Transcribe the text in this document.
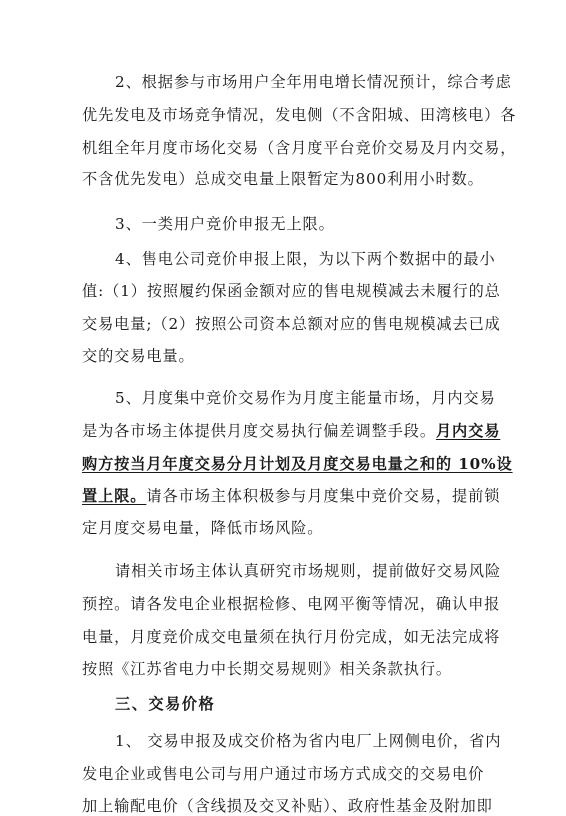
2、根据参与市场用户全年用电增长情况预计，综合考虑
优先发电及市场竞争情况，发电侧（不含阳城、田湾核电）各
机组全年月度市场化交易（含月度平台竞价交易及月内交易，
不含优先发电）总成交电量上限暂定为800利用小时数。
3、一类用户竞价申报无上限。
4、售电公司竞价申报上限，为以下两个数据中的最小
值:（1）按照履约保函金额对应的售电规模减去未履行的总
交易电量;（2）按照公司资本总额对应的售电规模减去已成
交的交易电量。
5、月度集中竞价交易作为月度主能量市场，月内交易
是为各市场主体提供月度交易执行偏差调整手段。月内交易
购方按当月年度交易分月计划及月度交易电量之和的 10%设
置上限。请各市场主体积极参与月度集中竞价交易，提前锁
定月度交易电量，降低市场风险。
请相关市场主体认真研究市场规则，提前做好交易风险
预控。请各发电企业根据检修、电网平衡等情况，确认申报
电量，月度竞价成交电量须在执行月份完成，如无法完成将
按照《江苏省电力中长期交易规则》相关条款执行。
三、交易价格
1、 交易申报及成交价格为省内电厂上网侧电价，省内
发电企业或售电公司与用户通过市场方式成交的交易电价
加上输配电价（含线损及交叉补贴）、政府性基金及附加即
